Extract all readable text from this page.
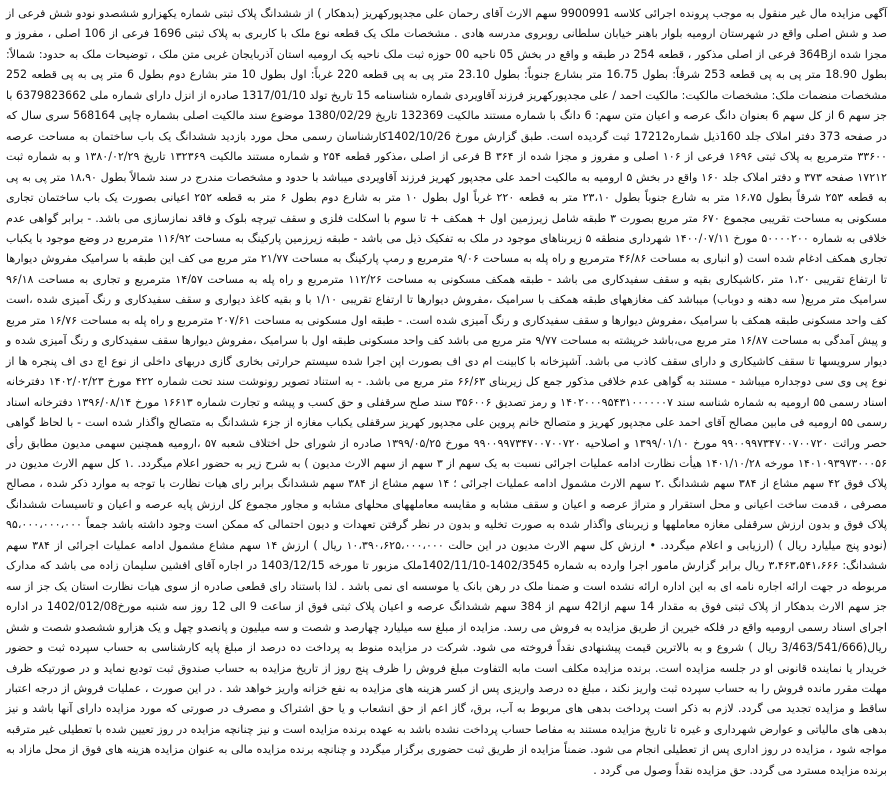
آگهی مزایده مال غیر منقول به موجب پرونده اجرائی کلاسه 9900991 سهم الارث آقای رحمان علی مجدپورکهریز (بدهکار ) از ششدانگ پلاک ثبتی شماره یکهزارو ششصدو نودو شش فرعی از صد و شش اصلی واقع در شهرستان ارومیه بلوار باهنر خیابان سلطانی روبروی مدرسه هادی . مشخصات ملک یک قطعه نوع ملک با کاربری به پلاک ثبتی 1696 فرعی از 106 اصلی ، مفروز و مجزا شده از364B فرعی از اصلی مذکور ، قطعه 254 در طبقه و واقع در بخش 05 ناحیه 00 حوزه ثبت ملک ناحیه یک ارومیه استان آذربایجان غربی متن ملک ، توضیحات ملک به حدود: شمالاً: بطول 18.90 متر پی به پی قطعه 253 شرقاً: بطول 16.75 متر بشارع جنوباً: بطول 23.10 متر پی به پی قطعه 220 غرباً: اول بطول 10 متر بشارع دوم بطول 6 متر پی به پی قطعه 252 مشخصات منضمات ملک: مشخصات مالکیت: مالکیت احمد / علی مجدپورکهریز فرزند آقاویردی شماره شناسنامه 15 تاریخ تولد 1317/01/10 صادره از انزل دارای شماره ملی 6379823662 با جز سهم 6 از کل سهم 6 بعنوان دانگ عرصه و اعیان متن سهم: 6 دانگ با شماره مستند مالکیت 132369 تاریخ 1380/02/29 موضوع سند مالکیت اصلی بشماره چاپی 568164 سری سال که در صفحه 373 دفتر املاک جلد 160ذیل شماره17212 ثبت گردیده است. طبق گزارش مورخ 1402/10/26کارشناسان رسمی محل مورد بازدید ششدانگ یک باب ساختمان به مساحت عرصه ۳۳۶۰۰ مترمربع به پلاک ثبتی ۱۶۹۶ فرعی از ۱۰۶ اصلی و مفروز و مجزا شده از ۳۶۴ B فرعی از اصلی ،مذکور قطعه ۲۵۴ و شماره مستند مالکیت ۱۳۲۳۶۹ تاریخ ۱۳۸۰/۰۲/۲۹ و به شماره ثبت ۱۷۲۱۲ صفحه ۳۷۳ و دفتر املاک جلد ۱۶۰ واقع در بخش ۵ ارومیه به مالکیت احمد علی مجدپور کهریز فرزند آقاویردی میباشد با حدود و مشخصات مندرج در سند شمالاً بطول ۱۸،۹۰ متر پی به پی به قطعه ۲۵۳ شرقاً بطول ۱۶،۷۵ متر به شارع جنوباً بطول ۲۳،۱۰ متر به قطعه ۲۲۰ غرباً اول بطول ۱۰ متر به شارع دوم بطول ۶ متر به قطعه ۲۵۲ اعیانی بصورت یک باب ساختمان تجاری مسکونی به مساحت تقریبی مجموع ۶۷۰ متر مربع بصورت ۳ طبقه شامل زیرزمین اول + همکف + تا سوم با اسکلت فلزی و سقف تیرچه بلوک و فاقد نمازسازی می باشد. - برابر گواهی عدم خلافی به شماره ۵۰۰۰۰۲۰۰ مورخ ۱۴۰۰/۰۷/۱۱ شهرداری منطقه ۵ زیربناهای موجود در ملک به تفکیک ذیل می باشد - طبقه زیرزمین پارکینگ به مساحت ۱۱۶/۹۲ مترمربع در وضع موجود با یکباب تجاری همکف ادغام شده است (و انباری به مساحت ۴۶/۸۶ مترمربع و راه پله به مساحت ۹/۰۶ مترمربع و رمپ پارکینگ به مساحت ۲۱/۷۷ متر مربع می کف این طبقه با سرامیک مفروش دیوارها تا ارتفاع تقریبی ۱،۲۰ متر ،کاشیکاری بقیه و سقف سفیدکاری می باشد - طبقه همکف مسکونی به مساحت ۱۱۲/۲۶ مترمربع و راه پله به مساحت ۱۴/۵۷ مترمربع و تجاری به مساحت ۹۶/۱۸ سرامیک متر مربع( سه دهنه و دوباب) میباشد کف مغازههای طبقه همکف با سرامیک ،مفروش دیوارها تا ارتفاع تقریبی ۱/۱۰ با و بقیه کاغذ دیواری و سقف سفیدکاری و رنگ آمیزی شده ،است کف واحد مسکونی طبقه همکف با سرامیک ،مفروش دیوارها و سقف سفیدکاری و رنگ آمیزی شده است. - طبقه اول مسکونی به مساحت ۲۰۷/۶۱ مترمربع و راه پله به مساحت ۱۶/۷۶ متر مربع و پیش آمدگی به مساحت ۱۶/۸۷ متر مربع می،باشد خرپشته به مساحت ۹/۷۷ متر مربع می باشد کف واحد مسکونی طبقه اول با سرامیک ،مفروش دیوارها سقف سفیدکاری و رنگ آمیزی شده و دیوار سرویسها تا سقف کاشیکاری و دارای سقف کاذب می باشد. آشپزخانه با کابینت ام دی اف بصورت اپن اجرا شده سیستم حرارتی بخاری گازی دربهای داخلی از نوع اچ دی اف پنجره ها از نوع پی وی سی دوجداره میباشد - مستند به گواهی عدم خلافی مذکور جمع کل زیربنای ۶۶/۶۳ متر مربع می باشد. - به استناد تصویر رونوشت سند تحت شماره ۴۲۲ مورخ ۱۴۰۲/۰۲/۲۳ دفترخانه اسناد رسمی ۵۵ ارومیه به شماره شناسه سند ۱۴۰۲۰۰۰۹۵۴۳۱۰۰۰۰۰۰۷ و رمز تصدیق ۳۵۶۰۰۶ سند صلح سرقفلی و حق کسب و پیشه و تجارت شماره ۱۶۶۱۳ مورخ ۱۳۹۶/۰۸/۱۴ دفترخانه اسناد رسمی ۵۵ ارومیه فی مابین مصالح آقای احمد علی مجدپور کهریز و متصالح خانم پروین علی مجدپور کهریز سرقفلی یکباب مغازه از جزء ششدانگ به متصالح واگذار شده است - با لحاظ گواهی حصر وراثت ۹۹۰۰۹۹۷۳۴۷۰۰۷۰۰۷۲۰ مورخ ۱۳۹۹/۰۱/۱۰ و اصلاحیه ۹۹۰۰۹۹۷۳۴۷۰۰۷۰۰۷۲۰ مورخ ۱۳۹۹/۰۵/۲۵ صادره از شورای حل اختلاف شعبه ۵۷ ،ارومیه همچنین سهمی مدیون مطابق رأی ۱۴۰۱۰۹۳۹۷۳۰۰۰۵۶ مورخه ۱۴۰۱/۱۰/۲۸ هیأت نظارت ادامه عملیات اجرائی نسبت به یک سهم از ۳ سهم از سهم الارث مدیون ) به شرح زیر به حضور اعلام میگردد. .۱ کل سهم الارث مدیون در پلاک فوق ۴۲ سهم مشاع از ۳۸۴ سهم ششدانگ .۲ سهم الارث مشمول ادامه عملیات اجرائی ؛ ۱۴ سهم مشاع از ۳۸۴ سهم ششدانگ برابر رای هیات نظارت با توجه به موارد ذکر شده ، مصالح مصرفی ، قدمت ساخت اعیانی و محل استقرار و متراژ عرصه و اعیان و سقف مشابه و مقایسه معاملههای محلهای مشابه و مجاور مجموع کل ارزش پایه عرصه و اعیان و تاسیسات ششدانگ پلاک فوق و بدون ارزش سرقفلی مغازه معاملهها و زیربنای واگذار شده به صورت تخلیه و بدون در نظر گرفتن تعهدات و دیون احتمالی که ممکن است وجود داشته باشد جمعاً ۹۵،۰۰۰،۰۰۰،۰۰۰ (نودو پنج میلیارد ریال ) (ارزیابی و اعلام میگردد. • ارزش کل سهم الارث مدیون در این حالت ۱۰،۳۹۰،۶۲۵،۰۰۰،۰۰۰ ریال ) ارزش ۱۴ سهم مشاع مشمول ادامه عملیات اجرائی از ۳۸۴ سهم ششدانگ: ۳،۴۶۳،۵۴۱،۶۶۶ ریال برابر گزارش مامور اجرا وارده به شماره 1402/3545-1402/11/10ملک مزبور تا مورخه 1403/12/15 در اجاره آقای افشین سلیمان زاده می باشد که مدارک مربوطه در جهت ارائه اجاره نامه ای به این اداره ارائه نشده است و ضمنا ملک در رهن بانک یا موسسه ای نمی باشد . لذا باستناد رای قطعی صادره از سوی هیات نظارت استان یک جز از سه جز سهم الارث بدهکار از پلاک ثبتی فوق به مقدار 14 سهم ازا42 سهم از 384 سهم ششدانگ عرصه و اعیان پلاک ثبتی فوق از ساعت 9 الی 12 روز سه شنبه مورخ1402/012/08 در اداره اجرای اسناد رسمی ارومیه واقع در فلکه خیرین از طریق مزایده به فروش می رسد. مزایده از مبلغ سه میلیارد چهارصد و شصت و سه میلیون و پانصدو چهل و یک هزارو ششصدو شصت و شش ریال(3/463/541/666 ریال ) شروع و به بالاترین قیمت پیشنهادی نقداً فروخته می شود. شرکت در مزایده منوط به پرداخت ده درصد از مبلغ پایه کارشناسی به حساب سپرده ثبت و حضور خریدار یا نماینده قانونی او در جلسه مزایده است. برنده مزایده مکلف است مابه التفاوت مبلغ فروش را ظرف پنج روز از تاریخ مزایده به حساب صندوق ثبت تودیع نماید و در صورتیکه ظرف مهلت مقرر مانده فروش را به حساب سپرده ثبت واریز نکند ، مبلغ ده درصد واریزی پس از کسر هزینه های مزایده به نفع خزانه واریز خواهد شد . در این صورت ، عملیات فروش از درجه اعتبار ساقط و مزایده تجدید می گردد. لازم به ذکر است پرداخت بدهی های مربوط به آب، برق، گاز اعم از حق انشعاب و یا حق اشتراک و مصرف در صورتی که مورد مزایده دارای آنها باشد و نیز بدهی های مالیاتی و عوارض شهرداری و غیره تا تاریخ مزایده مستند به مفاصا حساب پرداخت نشده باشد به عهده برنده مزایده است و نیز چنانچه مزایده در روز تعیین شده با تعطیلی غیر مترقبه مواجه شود ، مزایده در روز اداری پس از تعطیلی انجام می شود. ضمناً مزایده از طریق ثبت حضوری برگزار میگردد و چنانچه برنده مزایده مالی به عنوان مزایده هزینه های فوق از محل مازاد به برنده مزایده مسترد می گردد. حق مزایده نقداً وصول می گردد .
